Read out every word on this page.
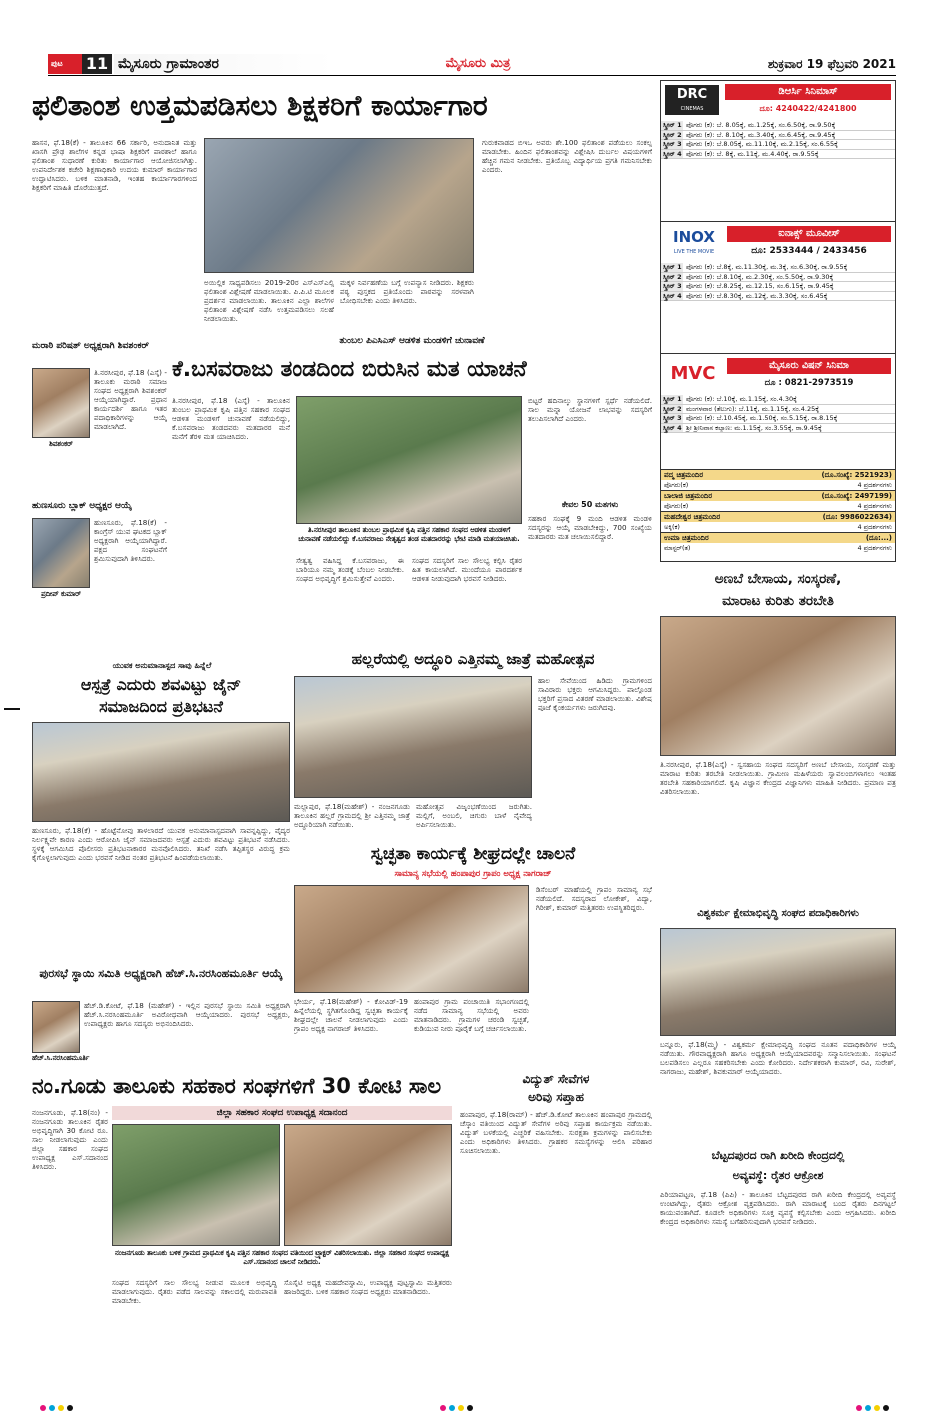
ಪುಟ	11 ಮೈಸೂರು ಗ್ರಾಮಾಂತರ	ಮೈಸೂರು ಮಿತ್ರ	ಶುಕ್ರವಾರ 19 ಫೆಬ್ರವರಿ 2021
ಫಲಿತಾಂಶ ಉತ್ತಮಪಡಿಸಲು ಶಿಕ್ಷಕರಿಗೆ ಕಾರ್ಯಾಗಾರ
ಹಾಸನ, ಫೆ.18(ಕೆ) - ತಾಲೂಕಿನ 66 ಸರ್ಕಾರಿ, ಅನುದಾನಿತ ಮತ್ತು ಖಾಸಗಿ ಪ್ರೌಢ ಶಾಲೆಗಳ ಕನ್ನಡ ಭಾಷಾ ಶಿಕ್ಷಕರಿಗೆ ಪಾಠಶಾಲೆ ಹಾಗೂ ಫಲಿತಾಂಶ ಸುಧಾರಣೆ ಕುರಿತು ಕಾರ್ಯಾಗಾರ ಆಯೋಜಿಸಲಾಗಿತ್ತು. ಉಪನಿರ್ದೇಶಕ ಕಚೇರಿ ಶಿಕ್ಷಣಾಧಿಕಾರಿ ಉದಯ ಕುಮಾರ್ ಕಾರ್ಯಾಗಾರ ಉದ್ಘಾಟಿಸಿದರು. ಬಳಿಕ ಮಾತನಾಡಿ, ಇಂತಹ ಕಾರ್ಯಾಗಾರಗಳಿಂದ ಶಿಕ್ಷಕರಿಗೆ ಮಾಹಿತಿ ದೊರೆಯುತ್ತದೆ.
ಅಯಿಲ್ಲಿಕ ಸಾಧ್ಯಪಡಿಸಲು 2019-20ರ ಎಸ್ಎಸ್ಎಲ್ಸಿ ಫಲಿತಾಂಶ ವಿಶ್ಲೇಷಣೆ ಮಾಡಲಾಯಿತು. ಪಿ.ಪಿ.ಟಿ ಮೂಲಕ ಪ್ರದರ್ಶನ ಮಾಡಲಾಯಿತು. ತಾಲೂಕಿನ ಎಲ್ಲಾ ಶಾಲೆಗಳ ಫಲಿತಾಂಶ ವಿಶ್ಲೇಷಣೆ ನಡೆಸಿ ಉತ್ತಮಪಡಿಸಲು ಸಲಹೆ ನೀಡಲಾಯಿತು.
ಮಕ್ಕಳ ನಿರ್ವಹಣೆಯ ಬಗ್ಗೆ ಉಪನ್ಯಾಸ ನೀಡಿದರು. ಶಿಕ್ಷಕರು ಪಠ್ಯ ಪುಸ್ತಕದ ಪ್ರತಿಯೊಂದು ಪಾಠವನ್ನು ಸರಳವಾಗಿ ಬೋಧಿಸಬೇಕು ಎಂದು ತಿಳಿಸಿದರು.
ಗುರುಕವಾಡದ ಬಿಇಒ ಅವರು ಶೇ.100 ಫಲಿತಾಂಶ ಪಡೆಯಲು ಸಂಕಲ್ಪ ಮಾಡಬೇಕು. ಹಿಂದಿನ ಫಲಿತಾಂಶವನ್ನು ವಿಶ್ಲೇಷಿಸಿ ದುರ್ಬಲ ವಿಷಯಗಳಿಗೆ ಹೆಚ್ಚಿನ ಗಮನ ನೀಡಬೇಕು. ಪ್ರತಿಯೊಬ್ಬ ವಿದ್ಯಾರ್ಥಿಯ ಪ್ರಗತಿ ಗಮನಿಸಬೇಕು ಎಂದರು.
ಮರಾಠಿ ಪರಿಷತ್ ಅಧ್ಯಕ್ಷರಾಗಿ ಶಿವಶಂಕರ್
ಶಿವಶಂಕರ್
ತಿ.ನರಸೀಪುರ, ಫೆ.18 (ಎಸ್ಕೆ) - ತಾಲೂಕು ಮರಾಠಿ ಸಮಾಜ ಸಂಘದ ಅಧ್ಯಕ್ಷರಾಗಿ ಶಿವಶಂಕರ್ ಆಯ್ಕೆಯಾಗಿದ್ದಾರೆ. ಪ್ರಧಾನ ಕಾರ್ಯದರ್ಶಿ ಹಾಗೂ ಇತರ ಪದಾಧಿಕಾರಿಗಳನ್ನು ಆಯ್ಕೆ ಮಾಡಲಾಗಿದೆ.
ಹುಣಸೂರು ಬ್ಲಾಕ್ ಅಧ್ಯಕ್ಷರ ಆಯ್ಕೆ
ಪ್ರದೀಪ್ ಕುಮಾರ್
ಹುಣಸೂರು, ಫೆ.18(ಕೆ) - ಕಾಂಗ್ರೆಸ್ ಯುವ ಘಟಕದ ಬ್ಲಾಕ್ ಅಧ್ಯಕ್ಷರಾಗಿ ಆಯ್ಕೆಯಾಗಿದ್ದಾರೆ. ಪಕ್ಷದ ಸಂಘಟನೆಗೆ ಶ್ರಮಿಸುವುದಾಗಿ ತಿಳಿಸಿದರು.
ತುಂಬಲ ಪಿಎಸಿಎಸ್ ಆಡಳಿತ ಮಂಡಳಿಗೆ ಚುನಾವಣೆ
ಕೆ.ಬಸವರಾಜು ತಂಡದಿಂದ ಬಿರುಸಿನ ಮತ ಯಾಚನೆ
ತಿ.ನರಸೀಪುರ, ಫೆ.18 (ಎಸ್ಕೆ) - ತಾಲೂಕಿನ ತುಂಬಲ ಪ್ರಾಥಮಿಕ ಕೃಷಿ ಪತ್ತಿನ ಸಹಕಾರ ಸಂಘದ ಆಡಳಿತ ಮಂಡಳಿಗೆ ಚುನಾವಣೆ ನಡೆಯಲಿದ್ದು, ಕೆ.ಬಸವರಾಜು ತಂಡದವರು ಮತದಾರರ ಮನೆ ಮನೆಗೆ ತೆರಳಿ ಮತ ಯಾಚಿಸಿದರು.
ತಿ.ನರಸೀಪುರ ತಾಲೂಕಿನ ತುಂಬಲ ಪ್ರಾಥಮಿಕ ಕೃಷಿ ಪತ್ತಿನ ಸಹಕಾರ ಸಂಘದ ಆಡಳಿತ ಮಂಡಳಿಗೆ ಚುನಾವಣೆ ನಡೆಯಲಿದ್ದು ಕೆ.ಬಸವರಾಜು ನೇತೃತ್ವದ ತಂಡ ಮತದಾರರನ್ನು ಭೇಟಿ ಮಾಡಿ ಮತಯಾಚಿಸಿತು.
ಸೇತ್ವತ್ವ ವಹಿಸಿದ್ದ ಕೆ.ಬಸವರಾಜು, ಈ ಬಾರಿಯೂ ನಮ್ಮ ತಂಡಕ್ಕೆ ಬೆಂಬಲ ನೀಡಬೇಕು. ಸಂಘದ ಅಭಿವೃದ್ಧಿಗೆ ಶ್ರಮಿಸುತ್ತೇವೆ ಎಂದರು.
ಸಂಘದ ಸದಸ್ಯರಿಗೆ ಸಾಲ ಸೌಲಭ್ಯ ಕಲ್ಪಿಸಿ ರೈತರ ಹಿತ ಕಾಯಲಾಗಿದೆ. ಮುಂದೆಯೂ ಪಾರದರ್ಶಕ ಆಡಳಿತ ನೀಡುವುದಾಗಿ ಭರವಸೆ ನೀಡಿದರು.
ಬಿಟ್ಟರೆ ಹದಿನಾಲ್ಕು ಸ್ಥಾನಗಳಿಗೆ ಸ್ಪರ್ಧೆ ನಡೆಯಲಿದೆ. ಸಾಲ ಮನ್ನಾ ಯೋಜನೆ ಲಾಭವನ್ನು ಸದಸ್ಯರಿಗೆ ತಲುಪಿಸಲಾಗಿದೆ ಎಂದರು.
ಕೇವಲ 50 ಮತಗಳು
ಸಹಕಾರ ಸಂಘಕ್ಕೆ 9 ಮಂದಿ ಆಡಳಿತ ಮಂಡಳಿ ಸದಸ್ಯರನ್ನು ಆಯ್ಕೆ ಮಾಡಬೇಕಿದ್ದು, 700 ಸಂಖ್ಯೆಯ ಮತದಾರರು ಮತ ಚಲಾಯಿಸಲಿದ್ದಾರೆ.
ಯುವಕ ಅನುಮಾನಾಸ್ಪದ ಸಾವು ಹಿನ್ನೆಲೆ
ಆಸ್ಪತ್ರೆ ಎದುರು ಶವವಿಟ್ಟು ಜೈನ್
ಸಮಾಜದಿಂದ ಪ್ರತಿಭಟನೆ
ಹುಣಸೂರು, ಫೆ.18(ಕೆ) - ಹೊಟ್ಟೆನೋವು ತಾಳಲಾರದೆ ಯುವಕ ಅನುಮಾನಾಸ್ಪದವಾಗಿ ಸಾವನ್ನಪ್ಪಿದ್ದು, ವೈದ್ಯರ ನಿರ್ಲಕ್ಷ್ಯವೇ ಕಾರಣ ಎಂದು ಆರೋಪಿಸಿ ಜೈನ್ ಸಮಾಜದವರು ಆಸ್ಪತ್ರೆ ಎದುರು ಶವವಿಟ್ಟು ಪ್ರತಿಭಟನೆ ನಡೆಸಿದರು. ಸ್ಥಳಕ್ಕೆ ಆಗಮಿಸಿದ ಪೊಲೀಸರು ಪ್ರತಿಭಟನಾಕಾರರ ಮನವೊಲಿಸಿದರು. ತನಿಖೆ ನಡೆಸಿ ತಪ್ಪಿತಸ್ಥರ ವಿರುದ್ಧ ಕ್ರಮ ಕೈಗೊಳ್ಳಲಾಗುವುದು ಎಂದು ಭರವಸೆ ನೀಡಿದ ನಂತರ ಪ್ರತಿಭಟನೆ ಹಿಂಪಡೆಯಲಾಯಿತು.
ಹಲ್ಲರೆಯಲ್ಲಿ ಅದ್ಧೂರಿ ಎತ್ತಿನಮ್ಮ ಜಾತ್ರೆ ಮಹೋತ್ಸವ
ಮಲ್ಲಾಪುರ, ಫೆ.18(ಮಹೇಶ್) - ನಂಜನಗೂಡು ತಾಲೂಕಿನ ಹಲ್ಲರೆ ಗ್ರಾಮದಲ್ಲಿ ಶ್ರೀ ಎತ್ತಿನಮ್ಮ ಜಾತ್ರೆ ಅದ್ಧೂರಿಯಾಗಿ ನಡೆಯಿತು.
ಮಹೋತ್ಸವ ವಿಜೃಂಭಣೆಯಿಂದ ಜರುಗಿತು. ಮಲ್ಲಿಗೆ, ಅಂಬಲಿ, ಚಿಗುರು ಬಾಳೆ ನೈವೇದ್ಯ ಅರ್ಪಿಸಲಾಯಿತು.
ಹಾಲ ಸೇವೆಯಿಂದ ಹಿಡಿದು ಗ್ರಾಮಗಳಿಂದ ಸಾವಿರಾರು ಭಕ್ತರು ಆಗಮಿಸಿದ್ದರು. ಪಾಲ್ಗೊಂಡ ಭಕ್ತರಿಗೆ ಪ್ರಸಾದ ವಿತರಣೆ ಮಾಡಲಾಯಿತು. ವಿಶೇಷ ಪೂಜೆ ಕೈಂಕರ್ಯಗಳು ಜರುಗಿದವು.
ಸ್ವಚ್ಛತಾ ಕಾರ್ಯಕ್ಕೆ ಶೀಘ್ರದಲ್ಲೇ ಚಾಲನೆ
ಸಾಮಾನ್ಯ ಸಭೆಯಲ್ಲಿ ಹಂಪಾಪುರ ಗ್ರಾಪಂ ಅಧ್ಯಕ್ಷ ನಾಗರಾಜ್
ಭೇರ್ಯ, ಫೆ.18(ಮಹೇಶ್) - ಕೋವಿಡ್-19 ಹಿನ್ನೆಲೆಯಲ್ಲಿ ಸ್ಥಗಿತಗೊಂಡಿದ್ದ ಸ್ವಚ್ಛತಾ ಕಾರ್ಯಕ್ಕೆ ಶೀಘ್ರದಲ್ಲೇ ಚಾಲನೆ ನೀಡಲಾಗುವುದು ಎಂದು ಗ್ರಾಪಂ ಅಧ್ಯಕ್ಷ ನಾಗರಾಜ್ ತಿಳಿಸಿದರು.
ಹಂಪಾಪುರ ಗ್ರಾಮ ಪಂಚಾಯಿತಿ ಸಭಾಂಗಣದಲ್ಲಿ ನಡೆದ ಸಾಮಾನ್ಯ ಸಭೆಯಲ್ಲಿ ಅವರು ಮಾತನಾಡಿದರು. ಗ್ರಾಮಗಳ ಚರಂಡಿ ಸ್ವಚ್ಛತೆ, ಕುಡಿಯುವ ನೀರು ಪೂರೈಕೆ ಬಗ್ಗೆ ಚರ್ಚಿಸಲಾಯಿತು.
ಡಿಸೆಂಬರ್ ಮಾಹೆಯಲ್ಲಿ ಗ್ರಾಪಂ ಸಾಮಾನ್ಯ ಸಭೆ ನಡೆಯಲಿದೆ. ಸದಸ್ಯರಾದ ಲೋಕೇಶ್, ವಿದ್ಯಾ, ಗಿರೀಶ್, ಕುಮಾರ್ ಮತ್ತಿತರರು ಉಪಸ್ಥಿತರಿದ್ದರು.
ಪುರಸಭೆ ಸ್ಥಾಯಿ ಸಮಿತಿ ಅಧ್ಯಕ್ಷರಾಗಿ ಹೆಚ್.ಸಿ.ನರಸಿಂಹಮೂರ್ತಿ ಆಯ್ಕೆ
ಹೆಚ್.ಸಿ.ನರಸಿಂಹಮೂರ್ತಿ
ಹೆಚ್.ಡಿ.ಕೋಟೆ, ಫೆ.18 (ಮಹೇಶ್) - ಇಲ್ಲಿನ ಪುರಸಭೆ ಸ್ಥಾಯಿ ಸಮಿತಿ ಅಧ್ಯಕ್ಷರಾಗಿ ಹೆಚ್.ಸಿ.ನರಸಿಂಹಮೂರ್ತಿ ಅವಿರೋಧವಾಗಿ ಆಯ್ಕೆಯಾದರು. ಪುರಸಭೆ ಅಧ್ಯಕ್ಷರು, ಉಪಾಧ್ಯಕ್ಷರು ಹಾಗೂ ಸದಸ್ಯರು ಅಭಿನಂದಿಸಿದರು.
ನಂ.ಗೂಡು ತಾಲೂಕು ಸಹಕಾರ ಸಂಘಗಳಿಗೆ 30 ಕೋಟಿ ಸಾಲ
ಜಿಲ್ಲಾ ಸಹಕಾರ ಸಂಘದ ಉಪಾಧ್ಯಕ್ಷ ಸದಾನಂದ
ನಂಜನಗೂಡು, ಫೆ.18(ನಂ) - ನಂಜನಗೂಡು ತಾಲೂಕಿನ ರೈತರ ಅಭಿವೃದ್ಧಿಗಾಗಿ 30 ಕೋಟಿ ರೂ. ಸಾಲ ನೀಡಲಾಗುವುದು ಎಂದು ಜಿಲ್ಲಾ ಸಹಕಾರ ಸಂಘದ ಉಪಾಧ್ಯಕ್ಷ ಎಸ್.ಸದಾನಂದ ತಿಳಿಸಿದರು.
ನಂಜನಗೂಡು ತಾಲೂಕು ಬಳಿಕ ಗ್ರಾಮದ ಪ್ರಾಥಮಿಕ ಕೃಷಿ ಪತ್ತಿನ ಸಹಕಾರ ಸಂಘದ ವತಿಯಿಂದ ಟ್ರ್ಯಾಕ್ಟರ್ ವಿತರಿಸಲಾಯಿತು. ಜಿಲ್ಲಾ ಸಹಕಾರ ಸಂಘದ ಉಪಾಧ್ಯಕ್ಷ ಎಸ್.ಸದಾನಂದ ಚಾಲನೆ ನೀಡಿದರು.
ಸಂಘದ ಸದಸ್ಯರಿಗೆ ಸಾಲ ಸೌಲಭ್ಯ ನೀಡುವ ಮೂಲಕ ಅಭಿವೃದ್ಧಿ ಮಾಡಲಾಗುವುದು. ರೈತರು ಪಡೆದ ಸಾಲವನ್ನು ಸಕಾಲದಲ್ಲಿ ಮರುಪಾವತಿ ಮಾಡಬೇಕು.
ಸೊಸೈಟಿ ಅಧ್ಯಕ್ಷ ಮಹದೇವಸ್ವಾಮಿ, ಉಪಾಧ್ಯಕ್ಷ ಪುಟ್ಟಸ್ವಾಮಿ ಮತ್ತಿತರರು ಹಾಜರಿದ್ದರು. ಬಳಿಕ ಸಹಕಾರ ಸಂಘದ ಅಧ್ಯಕ್ಷರು ಮಾತನಾಡಿದರು.
ವಿದ್ಯುತ್ ಸೇವೆಗಳ
ಅರಿವು ಸಪ್ತಾಹ
ಹಂಪಾಪುರ, ಫೆ.18(ರಾಮ್) - ಹೆಚ್.ಡಿ.ಕೋಟೆ ತಾಲೂಕಿನ ಹಂಪಾಪುರ ಗ್ರಾಮದಲ್ಲಿ ಚೆಸ್ಕಾಂ ವತಿಯಿಂದ ವಿದ್ಯುತ್ ಸೇವೆಗಳ ಅರಿವು ಸಪ್ತಾಹ ಕಾರ್ಯಕ್ರಮ ನಡೆಯಿತು. ವಿದ್ಯುತ್ ಬಳಕೆಯಲ್ಲಿ ಎಚ್ಚರಿಕೆ ವಹಿಸಬೇಕು. ಸುರಕ್ಷತಾ ಕ್ರಮಗಳನ್ನು ಪಾಲಿಸಬೇಕು ಎಂದು ಅಧಿಕಾರಿಗಳು ತಿಳಿಸಿದರು. ಗ್ರಾಹಕರ ಸಮಸ್ಯೆಗಳನ್ನು ಆಲಿಸಿ ಪರಿಹಾರ ಸೂಚಿಸಲಾಯಿತು.
DRC
CINEMAS
ಡಿಆರ್ಸಿ ಸಿನಿಮಾಸ್
ದೂ: 4240422/4241800
ಸ್ಕ್ರೀನ್ 1 ಪೊಗರು (ಕ): ಬೆ. 8.05ಕ್ಕೆ, ಮ.1.25ಕ್ಕೆ, ಸಂ.6.50ಕ್ಕೆ, ರಾ.9.50ಕ್ಕೆ
ಸ್ಕ್ರೀನ್ 2 ಪೊಗರು (ಕ): ಬೆ. 8.10ಕ್ಕೆ, ಮ.3.40ಕ್ಕೆ, ಸಂ.6.45ಕ್ಕೆ, ರಾ.9.45ಕ್ಕೆ
ಸ್ಕ್ರೀನ್ 3 ಪೊಗರು (ಕ): ಬೆ.8.05ಕ್ಕೆ, ಮ.11.10ಕ್ಕೆ, ಮ.2.15ಕ್ಕೆ, ಸಂ.6.55ಕ್ಕೆ
ಸ್ಕ್ರೀನ್ 4 ಪೊಗರು (ಕ): ಬೆ. 8ಕ್ಕೆ, ಮ.11ಕ್ಕೆ, ಮ.4.40ಕ್ಕೆ, ರಾ.9.55ಕ್ಕೆ
INOX
LIVE THE MOVIE
ಐನಾಕ್ಸ್ ಮೂವೀಸ್
ದೂ: 2533444 / 2433456
ಸ್ಕ್ರೀನ್ 1 ಪೊಗರು (ಕ): ಬೆ.8ಕ್ಕೆ, ಮ.11.30ಕ್ಕೆ, ಮ.3ಕ್ಕೆ, ಸಂ.6.30ಕ್ಕೆ, ರಾ.9.55ಕ್ಕೆ
ಸ್ಕ್ರೀನ್ 2 ಪೊಗರು (ಕ): ಬೆ.8.10ಕ್ಕೆ, ಮ.2.30ಕ್ಕೆ, ಸಂ.5.50ಕ್ಕೆ, ರಾ.9.30ಕ್ಕೆ
ಸ್ಕ್ರೀನ್ 3 ಪೊಗರು (ಕ): ಬೆ.8.25ಕ್ಕೆ, ಮ.12.15, ಸಂ.6.15ಕ್ಕೆ, ರಾ.9.45ಕ್ಕೆ
ಸ್ಕ್ರೀನ್ 4 ಪೊಗರು (ಕ): ಬೆ.8.30ಕ್ಕೆ, ಮ.12ಕ್ಕೆ, ಮ.3.30ಕ್ಕೆ, ಸಂ.6.45ಕ್ಕೆ
MVC	ಮೈಸೂರು ವಿಷನ್ ಸಿನಿಮಾ
ದೂ : 0821-2973519
ಸ್ಕ್ರೀನ್ 1 ಪೊಗರು (ಕ): ಬೆ.10ಕ್ಕೆ, ಮ.1.15ಕ್ಕೆ, ಸಂ.4.30ಕ್ಕೆ
ಸ್ಕ್ರೀನ್ 2 ಮಂಗಳವಾರ (ತೆಲುಗು): ಬೆ.11ಕ್ಕೆ, ಮ.1.15ಕ್ಕೆ, ಸಂ.4.25ಕ್ಕೆ
ಸ್ಕ್ರೀನ್ 3 ಪೊಗರು (ಕ): ಬೆ.10.45ಕ್ಕೆ, ಮ.1.50ಕ್ಕೆ, ಸಂ.5.15ಕ್ಕೆ, ರಾ.8.15ಕ್ಕೆ
ಸ್ಕ್ರೀನ್ 4 ಶ್ರೀ ಶ್ರೀನಿವಾಸ ಕಲ್ಯಾಣ: ಮ.1.15ಕ್ಕೆ, ಸಂ.3.55ಕ್ಕೆ, ರಾ.9.45ಕ್ಕೆ
ಪದ್ಮ ಚಿತ್ರಮಂದಿರ	(ದೂ.ಸಂಖ್ಯೆ: 2521923)
ಪೊಗರು(ಕ)	4 ಪ್ರದರ್ಶನಗಳು
ಬಾಲಾಜಿ ಚಿತ್ರಮಂದಿರ	(ದೂ.ಸಂಖ್ಯೆ: 2497199)
ಪೊಗರು(ಕ)	4 ಪ್ರದರ್ಶನಗಳು
ಮಹದೇಶ್ವರ ಚಿತ್ರಮಂದಿರ	(ದೂ: 9986022634)
ಅಕ್ಕಿ(ಕ)	4 ಪ್ರದರ್ಶನಗಳು
ಉಮಾ ಚಿತ್ರಮಂದಿರ	(ದೂ:...)
ಮಾಸ್ಟರ್(ತ)	4 ಪ್ರದರ್ಶನಗಳು
ಅಣಬೆ ಬೇಸಾಯ, ಸಂಸ್ಕರಣೆ,
ಮಾರಾಟ ಕುರಿತು ತರಬೇತಿ
ತಿ.ನರಸೀಪುರ, ಫೆ.18(ಎಸ್ಕೆ) - ಸ್ವಸಹಾಯ ಸಂಘದ ಸದಸ್ಯರಿಗೆ ಅಣಬೆ ಬೇಸಾಯ, ಸಂಸ್ಕರಣೆ ಮತ್ತು ಮಾರಾಟ ಕುರಿತು ತರಬೇತಿ ನೀಡಲಾಯಿತು. ಗ್ರಾಮೀಣ ಮಹಿಳೆಯರು ಸ್ವಾವಲಂಬಿಗಳಾಗಲು ಇಂತಹ ತರಬೇತಿ ಸಹಕಾರಿಯಾಗಲಿದೆ. ಕೃಷಿ ವಿಜ್ಞಾನ ಕೇಂದ್ರದ ವಿಜ್ಞಾನಿಗಳು ಮಾಹಿತಿ ನೀಡಿದರು. ಪ್ರಮಾಣ ಪತ್ರ ವಿತರಿಸಲಾಯಿತು.
ವಿಶ್ವಕರ್ಮ ಕ್ಷೇಮಾಭಿವೃದ್ಧಿ ಸಂಘದ ಪದಾಧಿಕಾರಿಗಳು
ಬನ್ನೂರು, ಫೆ.18(ಮ್ಮ) - ವಿಶ್ವಕರ್ಮ ಕ್ಷೇಮಾಭಿವೃದ್ಧಿ ಸಂಘದ ನೂತನ ಪದಾಧಿಕಾರಿಗಳ ಆಯ್ಕೆ ನಡೆಯಿತು. ಗೌರವಾಧ್ಯಕ್ಷರಾಗಿ ಹಾಗೂ ಅಧ್ಯಕ್ಷರಾಗಿ ಆಯ್ಕೆಯಾದವರನ್ನು ಸನ್ಮಾನಿಸಲಾಯಿತು. ಸಂಘಟನೆ ಬಲಪಡಿಸಲು ಎಲ್ಲರೂ ಸಹಕರಿಸಬೇಕು ಎಂದು ಕೋರಿದರು. ನಿರ್ದೇಶಕರಾಗಿ ಕುಮಾರ್, ರವಿ, ಸುರೇಶ್, ನಾಗರಾಜು, ಮಹೇಶ್, ಶಿವಕುಮಾರ್ ಆಯ್ಕೆಯಾದರು.
ಬೆಟ್ಟದಪುರದ ರಾಗಿ ಖರೀದಿ ಕೇಂದ್ರದಲ್ಲಿ
ಅವ್ಯವಸ್ಥೆ: ರೈತರ ಆಕ್ರೋಶ
ಪಿರಿಯಾಪಟ್ಟಣ, ಫೆ.18 (ಪಿಪಿ) - ತಾಲೂಕಿನ ಬೆಟ್ಟದಪುರದ ರಾಗಿ ಖರೀದಿ ಕೇಂದ್ರದಲ್ಲಿ ಅವ್ಯವಸ್ಥೆ ಉಂಟಾಗಿದ್ದು, ರೈತರು ಆಕ್ರೋಶ ವ್ಯಕ್ತಪಡಿಸಿದರು. ರಾಗಿ ಮಾರಾಟಕ್ಕೆ ಬಂದ ರೈತರು ದಿನಗಟ್ಟಲೆ ಕಾಯುವಂತಾಗಿದೆ. ಕೂಡಲೇ ಅಧಿಕಾರಿಗಳು ಸೂಕ್ತ ವ್ಯವಸ್ಥೆ ಕಲ್ಪಿಸಬೇಕು ಎಂದು ಆಗ್ರಹಿಸಿದರು. ಖರೀದಿ ಕೇಂದ್ರದ ಅಧಿಕಾರಿಗಳು ಸಮಸ್ಯೆ ಬಗೆಹರಿಸುವುದಾಗಿ ಭರವಸೆ ನೀಡಿದರು.
